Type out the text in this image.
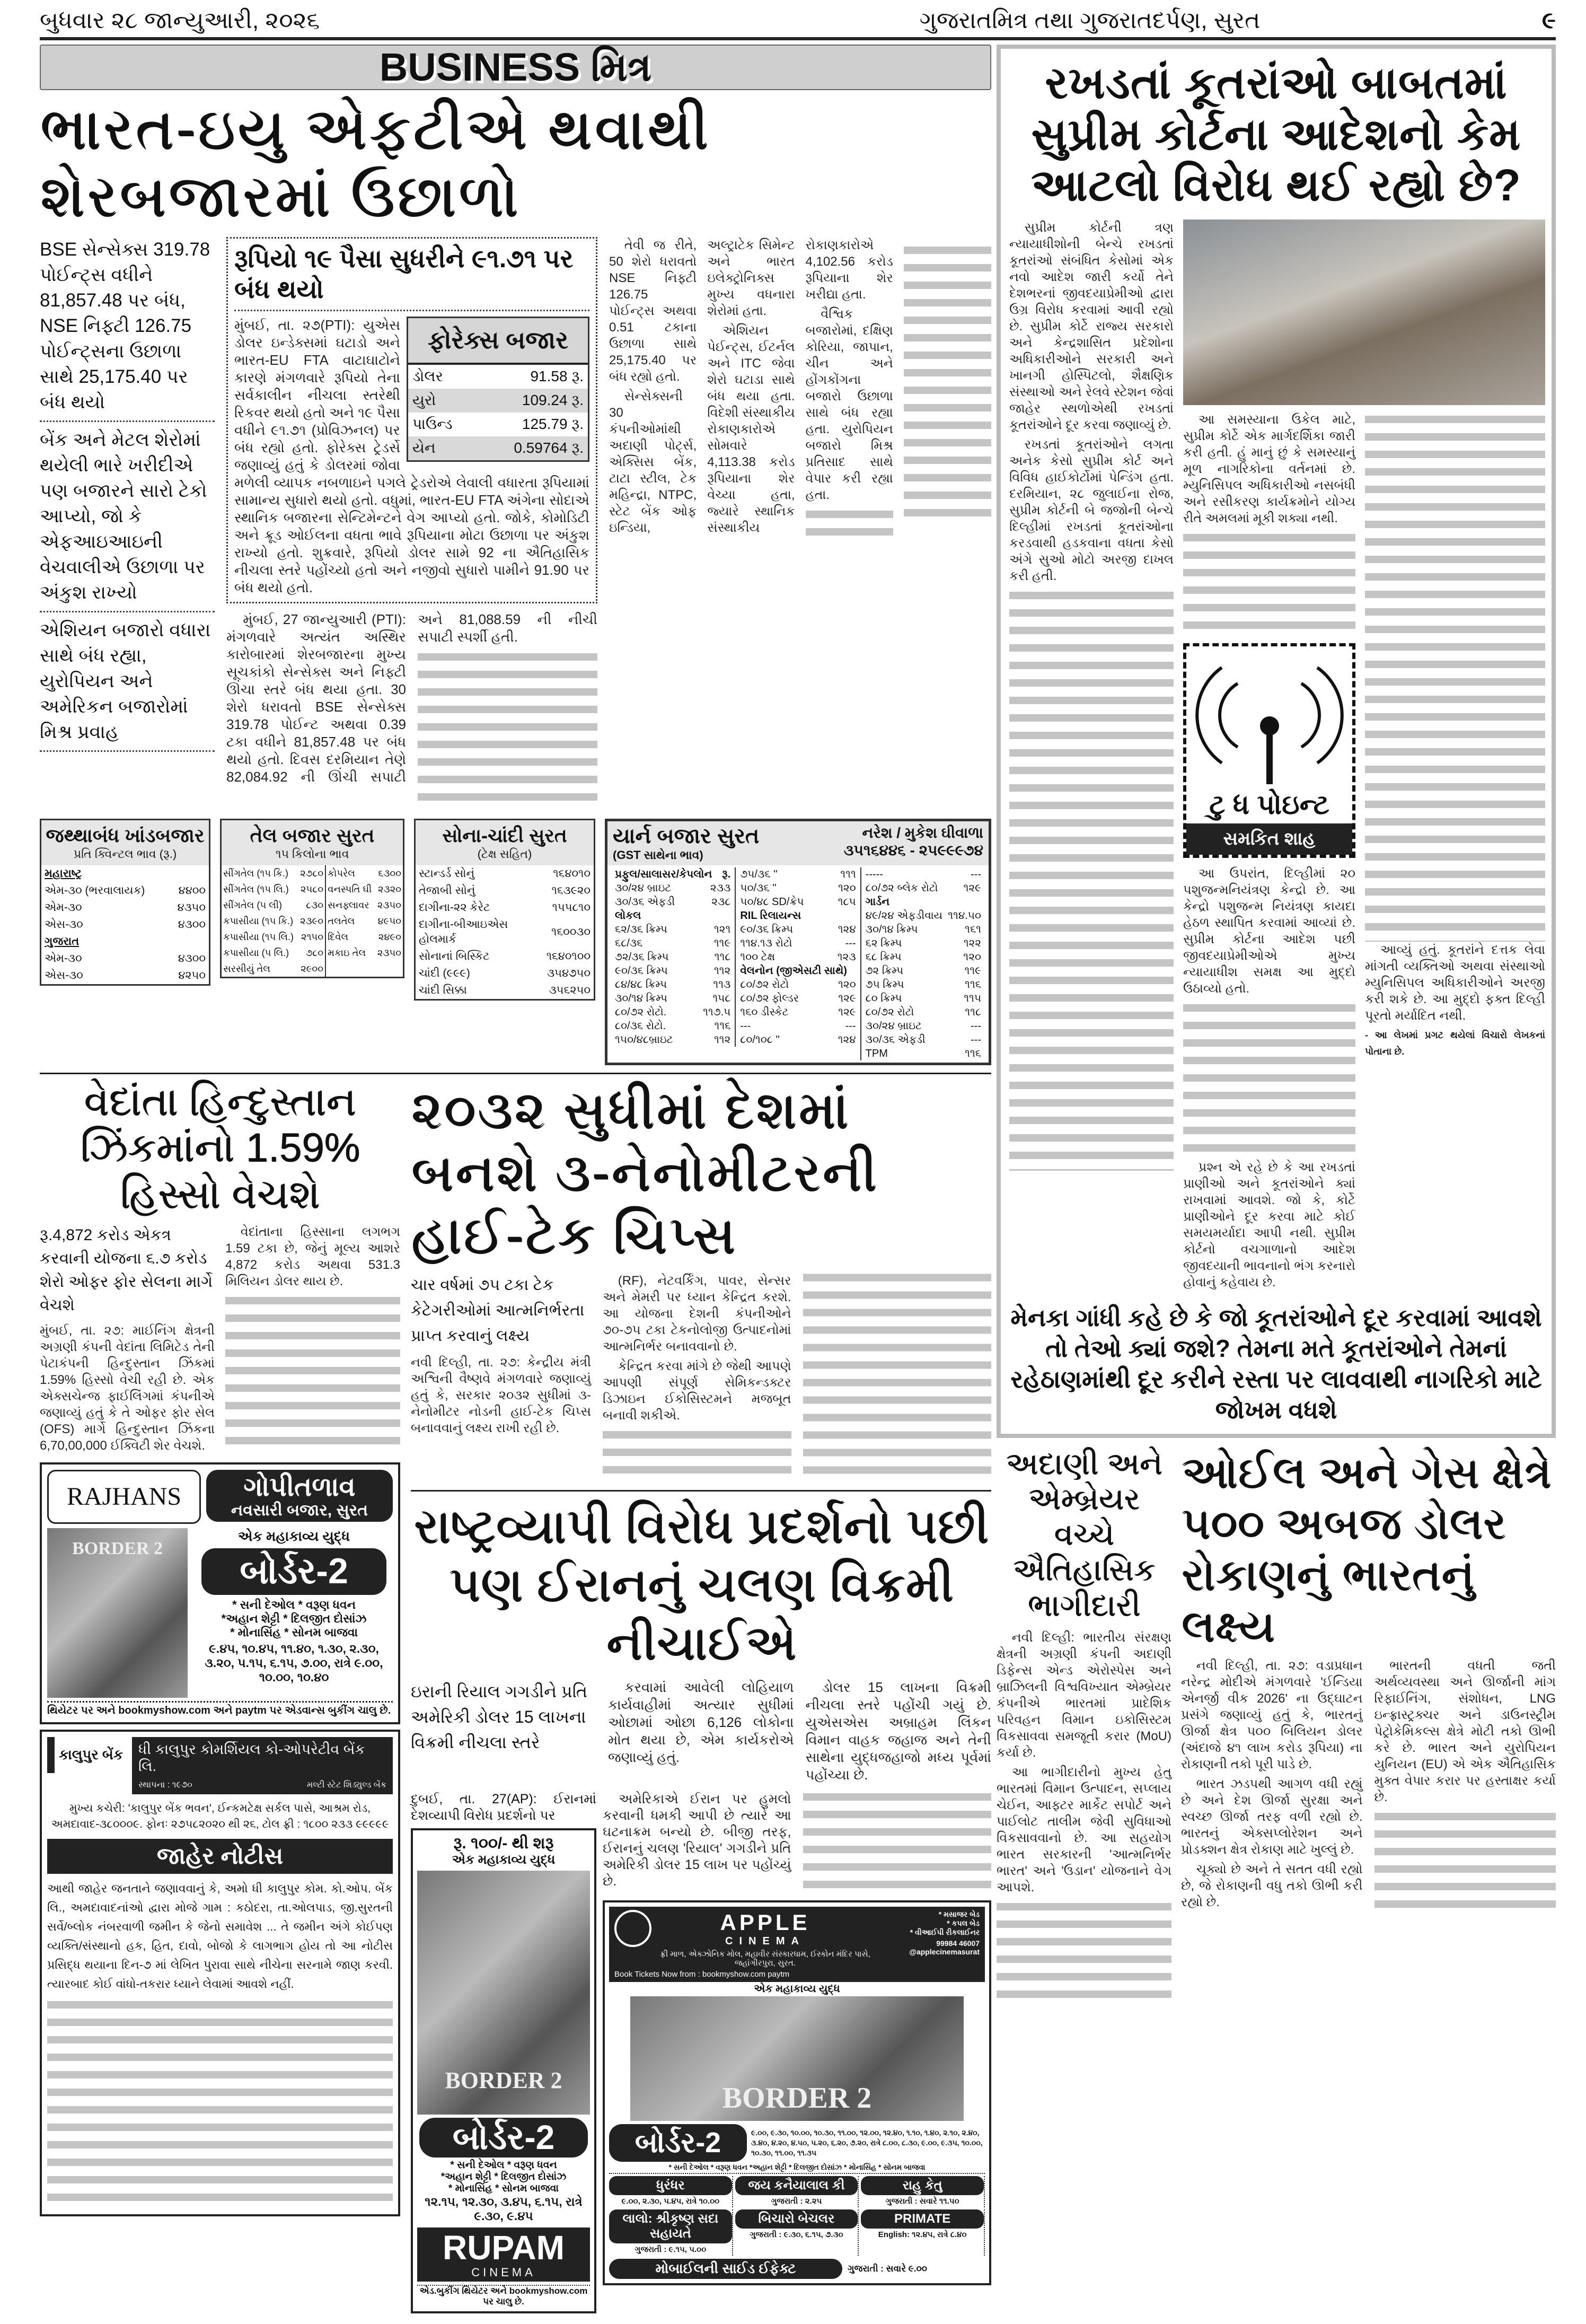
બુધવાર ૨૮ જાન્યુઆરી, ૨૦૨૬	ગુજરાતમિત્ર તથા ગુજરાતદર્પણ, સુરત	૯
BUSINESS મિત્ર
ભારત-ઇયુ એફટીએ થવાથી શેરબજારમાં ઉછાળો
BSE સેન્સેક્સ 319.78 પોઈન્ટ્સ વધીને 81,857.48 પર બંધ, NSE નિફ્ટી 126.75 પોઈન્ટ્સના ઉછાળા સાથે 25,175.40 પર બંધ થયો
બેંક અને મેટલ શેરોમાં થયેલી ભારે ખરીદીએ પણ બજારને સારો ટેકો આપ્યો, જો કે એફઆઇઆઇની વેચવાલીએ ઉછાળા પર અંકુશ રાખ્યો
એશિયન બજારો વધારા સાથે બંધ રહ્યા, યુરોપિયન અને અમેરિકન બજારોમાં મિશ્ર પ્રવાહ
રૂપિયો ૧૯ પૈસા સુધરીને ૯૧.૭૧ પર બંધ થયો
ફોરેક્સ બજાર
ડોલર	91.58 રૂ.
યુરો	109.24 રૂ.
પાઉન્ડ	125.79 રૂ.
યેન	0.59764 રૂ.
મુંબઈ, તા. ૨૭(PTI): યુએસ ડોલર ઇન્ડેક્સમાં ઘટાડો અને ભારત-EU FTA વાટાઘાટોને કારણે મંગળવારે રૂપિયો તેના સર્વકાલીન નીચલા સ્તરેથી રિકવર થયો હતો અને ૧૯ પૈસા વધીને ૯૧.૭૧ (પ્રોવિઝનલ) પર બંધ રહ્યો હતો. ફોરેક્સ ટ્રેડર્સે જણાવ્યું હતું કે ડોલરમાં જોવા મળેલી વ્યાપક નબળાઇને પગલે ટ્રેડરોએ લેવાલી વધારતા રૂપિયામાં સામાન્ય સુધારો થયો હતો. વધુમાં, ભારત-EU FTA અંગેના સોદાએ સ્થાનિક બજારના સેન્ટિમેન્ટને વેગ આપ્યો હતો. જોકે, કોમોડિટી અને ક્રૂડ ઓઈલના વધતા ભાવે રૂપિયાના મોટા ઉછાળા પર અંકુશ રાખ્યો હતો. શુક્રવારે, રૂપિયો ડોલર સામે 92 ના ઐતિહાસિક નીચલા સ્તરે પહોંચ્યો હતો અને નજીવો સુધારો પામીને 91.90 પર બંધ થયો હતો.

મુંબઈ, 27 જાન્યુઆરી (PTI): મંગળવારે અત્યંત અસ્થિર કારોબારમાં શેરબજારના મુખ્ય સૂચકાંકો સેન્સેક્સ અને નિફ્ટી ઊંચા સ્તરે બંધ થયા હતા. 30 શેરો ધરાવતો BSE સેન્સેક્સ 319.78 પોઈન્ટ અથવા 0.39 ટકા વધીને 81,857.48 પર બંધ થયો હતો. દિવસ દરમિયાન તેણે 82,084.92 ની ઊંચી સપાટી અને 81,088.59 ની નીચી સપાટી સ્પર્શી હતી.

તેવી જ રીતે, 50 શેરો ધરાવતો NSE નિફ્ટી 126.75 પોઈન્ટ્સ અથવા 0.51 ટકાના ઉછાળા સાથે 25,175.40 પર બંધ રહ્યો હતો.

સેન્સેક્સની 30 કંપનીઓમાંથી અદાણી પોર્ટ્સ, એક્સિસ બેંક, ટાટા સ્ટીલ, ટેક મહિન્દ્રા, NTPC, સ્ટેટ બેંક ઓફ ઇન્ડિયા, અલ્ટ્રાટેક સિમેન્ટ અને ભારત ઇલેક્ટ્રોનિક્સ મુખ્ય વધનારા શેરોમાં હતા.

એશિયન પેઈન્ટ્સ, ઈટર્નલ અને ITC જેવા શેરો ઘટાડા સાથે બંધ થયા હતા. વિદેશી સંસ્થાકીય રોકાણકારોએ સોમવારે 4,113.38 કરોડ રૂપિયાના શેર વેચ્યા હતા, જ્યારે સ્થાનિક સંસ્થાકીય રોકાણકારોએ 4,102.56 કરોડ રૂપિયાના શેર ખરીદ્યા હતા.

વૈશ્વિક બજારોમાં, દક્ષિણ કોરિયા, જાપાન, ચીન અને હોંગકોંગના બજારો ઉછાળા સાથે બંધ રહ્યા હતા. યુરોપિયન બજારો મિશ્ર પ્રતિસાદ સાથે વેપાર કરી રહ્યા હતા.

જથ્થાબંધ ખાંડબજાર
પ્રતિ ક્વિન્ટલ ભાવ (રૂ.)
મહારાષ્ટ્ર	
એમ-૩૦ (ભરવાલાયક)	૪૪૦૦
એમ-૩૦	૪૩૫૦
એસ-૩૦	૪૩૦૦
ગુજરાત	
એમ-૩૦	૪૩૦૦
એસ-૩૦	૪૨૫૦
તેલ બજાર સુરત
૧૫ કિલોના ભાવ
સીંગતેલ (૧૫ કિ.)	૨૭૮૦	કોપરેલ	૬૩૦૦
સીંગતેલ (૧૫ લિ.)	૨૫૮૦	વનસ્પતિ ઘી	૨૩૨૦
સીંગતેલ (૫ લી)	૮૩૦	સનફ્લાવર	૨૩૫૦
કપાસીયા (૧૫ કિ.)	૨૩૯૦	તલતેલ	૪૯૫૦
કપાસીયા (૧૫ લિ.)	૨૧૫૦	દિવેલ	૨૪૯૦
કપાસીયા (૫ લિ.)	૭૮૦	મકાઇ તેલ	૨૩૫૦
સરસીયું તેલ	૨૯૦૦		
સોના-ચાંદી સુરત
(ટેક્ષ સહિત)
સ્ટાન્ડર્ડ સોનું	૧૬૪૦૧૦
તેજાબી સોનું	૧૬૩૯૨૦
દાગીના-૨૨ કેરેટ	૧૫૫૮૧૦
દાગીના-બીઆઇએસ હોલમાર્ક	૧૬૦૦૩૦
સોનાનાં બિસ્કિટ	૧૬૪૦૧૦૦
ચાંદી (૯૯૯)	૩૫૪૭૫૦
ચાંદી સિક્કા	૩૫૬૨૫૦
યાર્ન બજાર સુરત
(GST સાથેના ભાવ)
નરેશ / મુકેશ ઘીવાળા
૩૫૧૬૪૪૬ - ૨૫૯૯૯૭૪
પ્રફુલ/સાલાસર/કેપલોન રૂ.
૩૦/૨૪ બ્રાઇટ	૨૩૩
૩૦/૩૬ એફડી	૨૩૮
લોકલ
૬૨/૩૬ ક્રિમ્પ	૧૨૧
૬૮/૩૬	૧૧૯
૭૨/૩૬ ક્રિમ્પ	૧૧૮
૯૦/૩૬ ક્રિમ્પ	૧૧૨
૮૪/૪૮ ક્રિમ્પ	૧૧૩
૩૦/૧૪ ક્રિમ્પ	૧૫૮
૮૦/૭૨ રોટો.	૧૧૭.૫
૮૦/૩૬ રોટો.	૧૧૬
૧૫૦/૪૮બ્રાઇટ	૧૧૨
૭૫/૩૬ ''	૧૧૧
૫૦/૩૬ ''	૧૨૦
૫૦/૪૮ SD/ક્રેપ	૧૮૫
RIL રિલાયન્સ
૯૦/૩૬ ક્રિમ્પ	૧૨૪
૧૧૪.૧૩ રોટો	---
૧૦૦ ટેક્ષ	૧૨૩
વેલનોન (જીએસટી સાથે)
૮૦/૭૨ રોટો	૧૨૦
૮૦/૭૨ ફોલ્ડર	૧૨૯
૧૬૦ ડીસ્કેટ	૧૨૯
---	---
૮૦/૧૦૮ ''	૧૨૪
-----	---
૮૦/૭૨ બ્લેક રોટો ૧૨૯
ગાર્ડન
૪૯/૨૪ એફડીવાય ૧૧૪.૫૦
૩૦/૧૪ ક્રિમ્પ	૧૬૧
૬૨ ક્રિમ્પ	૧૨૨
૬૮ ક્રિમ્પ	૧૨૦
૭૨ ક્રિમ્પ	૧૧૯
૭૫ ક્રિમ્પ	૧૧૬
૮૦ ક્રિમ્પ	૧૧૫
૮૦/૭૨ રોટો	૧૧૮
૩૦/૨૪ બ્રાઇટ	---
૩૦/૩૬ એફડી	---
TPM	૧૧૬
વેદાંતા હિન્દુસ્તાન ઝિંકમાંનો 1.59% હિસ્સો વેચશે
રૂ.4,872 કરોડ એકત્ર કરવાની યોજના ૬.૭ કરોડ શેરો ઓફર ફોર સેલના માર્ગે વેચશે
મુંબઈ, તા. ૨૭: માઈનિંગ ક્ષેત્રની અગ્રણી કંપની વેદાંતા લિમિટેડ તેની પેટાકંપની હિન્દુસ્તાન ઝિંકમાં 1.59% હિસ્સો વેચી રહી છે. એક એક્સચેન્જ ફાઈલિંગમાં કંપનીએ જણાવ્યું હતું કે તે ઓફર ફોર સેલ (OFS) માર્ગે હિન્દુસ્તાન ઝિંકના 6,70,00,000 ઈક્વિટી શેર વેચશે.

વેદાંતાના હિસ્સાના લગભગ 1.59 ટકા છે, જેનું મૂલ્ય આશરે 4,872 કરોડ અથવા 531.3 મિલિયન ડોલર થાય છે.

RAJHANS	ગોપીતળાવ
નવસારી બજાર, સુરત
BORDER 2
એક મહાકાવ્ય યુદ્ધ
બોર્ડર-2
* સની દેઓલ * વરૂણ ધવન
*અહાન શેટ્ટી * દિલજીત દોસાંઝ
* મોનાસિંહ * સોનમ બાજવા
૯.૪૫, ૧૦.૪૫, ૧૧.૪૦, ૧.૩૦, ૨.૩૦, ૩.૨૦, ૫.૧૫, ૬.૧૫, ૭.૦૦, રાત્રે ૯.૦૦, ૧૦.૦૦, ૧૦.૪૦
થિયેટર પર અને bookmyshow.com અને paytm પર એડવાન્સ બુકીંગ ચાલુ છે.
કાલુપુર બેંક	ધી કાલુપુર કોમર્શિયલ કો-ઓપરેટીવ બેંક લિ.
સ્થાપના : ૧૯૭૦	મલ્ટી સ્ટેટ શિડ્યુલ્ડ બેંક
મુખ્ય કચેરી: 'કાલુપુર બેંક ભવન', ઈન્કમટેક્ષ સર્કલ પાસે, આશ્રમ રોડ, અમદાવાદ-૩૮૦૦૦૯. ફોનઃ ૨૭૫૮૨૦૨૦ થી ૨૬, ટોલ ફ્રી : ૧૮૦૦ ૨૩૩ ૯૯૯૯૯
જાહેર નોટીસ
આથી જાહેર જનતાને જણાવવાનું કે, અમો ધી કાલુપુર કોમ. કો.ઓપ. બેંક લિ., અમદાવાદનાંઓ દ્વારા મોજે ગામ : કઠોદરા, તા.ઓલપાડ, જી.સુરતની સર્વે/બ્લોક નંબરવાળી જમીન કે જેનો સમાવેશ ... તે જમીન અંગે કોઈપણ વ્યક્તિ/સંસ્થાનો હક, હિત, દાવો, બોજો કે લાગભાગ હોય તો આ નોટીસ પ્રસિદ્ધ થયાના દિન-૭ માં લેખિત પુરાવા સાથે નીચેના સરનામે જાણ કરવી. ત્યારબાદ કોઈ વાંધો-તકરાર ધ્યાને લેવામાં આવશે નહીં.
૨૦૩૨ સુધીમાં દેશમાં બનશે ૩-નેનોમીટરની હાઈ-ટેક ચિપ્સ
ચાર વર્ષમાં ૭૫ ટકા ટેક કેટેગરીઓમાં આત્મનિર્ભરતા પ્રાપ્ત કરવાનું લક્ષ્ય
નવી દિલ્હી, તા. ૨૭: કેન્દ્રીય મંત્રી અશ્વિની વૈષ્ણવે મંગળવારે જણાવ્યું હતું કે, સરકાર ૨૦૩૨ સુધીમાં ૩-નેનોમીટર નોડની હાઈ-ટેક ચિપ્સ બનાવવાનું લક્ષ્ય રાખી રહી છે.

(RF), નેટવર્કિંગ, પાવર, સેન્સર અને મેમરી પર ધ્યાન કેન્દ્રિત કરશે. આ યોજના દેશની કંપનીઓને ૭૦-૭૫ ટકા ટેકનોલોજી ઉત્પાદનોમાં આત્મનિર્ભર બનાવવાનો છે.

કેન્દ્રિત કરવા માંગે છે જેથી આપણે આપણી સંપૂર્ણ સેમિકન્ડક્ટર ડિઝાઇન ઈકોસિસ્ટમને મજબૂત બનાવી શકીએ.

રાષ્ટ્રવ્યાપી વિરોધ પ્રદર્શનો પછી પણ ઈરાનનું ચલણ વિક્રમી નીચાઈએ
ઇરાની રિયાલ ગગડીને પ્રતિ અમેરિકી ડોલર 15 લાખના વિક્રમી નીચલા સ્તરે

કરવામાં આવેલી લોહિયાળ કાર્યવાહીમાં અત્યાર સુધીમાં ઓછામાં ઓછા 6,126 લોકોના મોત થયા છે, એમ કાર્યકરોએ જણાવ્યું હતું.

ડોલર 15 લાખના વિક્રમી નીચલા સ્તરે પહોંચી ગયું છે. યુએસએસ અબ્રાહમ લિંકન વિમાન વાહક જહાજ અને તેની સાથેના યુદ્ધજહાજો મધ્ય પૂર્વમાં પહોંચ્યા છે.

દુબઈ, તા. 27(AP): ઈરાનમાં દેશવ્યાપી વિરોધ પ્રદર્શનો પર
રૂ. ૧૦૦/- થી શરૂ
એક મહાકાવ્ય યુદ્ધ
BORDER 2
બોર્ડર-2
* સની દેઓલ * વરૂણ ધવન
*અહાન શેટ્ટી * દિલજીત દોસાંઝ
* મોનાસિંહ * સોનમ બાજવા
૧૨.૧૫, ૧૨.૩૦, ૩.૪૫, ૬.૧૫, રાત્રે ૯.૩૦, ૯.૪૫
RUPAM
CINEMA
એડ.બુકીંગ થિયેટર અને bookmyshow.com પર ચાલુ છે.

અમેરિકાએ ઈરાન પર હુમલો કરવાની ધમકી આપી છે ત્યારે આ ઘટનાક્રમ બન્યો છે. બીજી તરફ, ઈરાનનું ચલણ 'રિયાલ' ગગડીને પ્રતિ અમેરિકી ડોલર 15 લાખ પર પહોંચ્યું છે.

APPLE
CINEMA
ફ્રી માળ, એક્ઝોનિક મોલ, મહાવીર સંસ્કારધામ, ઈસ્કોન મંદિર પાસે, જહાંગીરપુરા, સુરત.
* મસાજર બેડ
* કપલ બેડ
* વીઆઈપી રીકલાઈનર
99984 46007
@applecinemasurat
Book Tickets Now from : bookmyshow.com paytm
એક મહાકાવ્ય યુદ્ધ
BORDER 2
બોર્ડર-2	૯.૦૦, ૯.૩૦, ૧૦.૦૦, ૧૦.૩૦, ૧૧.૦૦, ૧૨.૦૦, ૧૨.૪૦, ૧.૧૦, ૧.૪૦, ૨.૧૦, ૨.૪૦, ૩.૪૦, ૪.૨૦, ૪.૫૦, ૫.૨૦, ૬.૨૦, ૭.૨૦, રાત્રે ૮.૦૦, ૮.૩૦, ૯.૦૦, ૯.૩૫, ૧૦.૦૦, ૧૦.૩૦, ૧૧.૦૦, ૧૧.૩૫
* સની દેઓલ * વરૂણ ધવન *અહાન શેટ્ટી * દિલજીત દોસાંઝ * મોનાસિંહ * સોનમ બાજવા
ધુરંધર
૯.૦૦, ૨.૩૦, ૫.૪૫, રાત્રે ૧૦.૦૦
જય કનૈયાલાલ કી
ગુજરાતી : ૨.૨૫
રાહુ કેતુ
ગુજરાતી : સવારે ૧૧.૫૦
લાલો: શ્રીકૃષ્ણ સદા સહાયતે
ગુજરાતી : ૯.૧૫, ૫.૦૦
બિચારો બેચલર
ગુજરાતી : ૯.૩૦, ૬.૧૫, ૭.૩૦
PRIMATE
English: ૧૨.૪૫, રાત્રે ૮.૪૦
મોબાઈલની સાઈડ ઈફેક્ટ	ગુજરાતી : સવારે ૯.૦૦
રખડતાં કૂતરાંઓ બાબતમાં સુપ્રીમ કોર્ટના આદેશનો કેમ આટલો વિરોધ થઈ રહ્યો છે?

સુપ્રીમ કોર્ટની ત્રણ ન્યાયાધીશોની બેન્ચે રખડતાં કૂતરાંઓ સંબંધિત કેસોમાં એક નવો આદેશ જારી કર્યો તેને દેશભરનાં જીવદયાપ્રેમીઓ દ્વારા ઉગ્ર વિરોધ કરવામાં આવી રહ્યો છે. સુપ્રીમ કોર્ટે રાજ્ય સરકારો અને કેન્દ્રશાસિત પ્રદેશોના અધિકારીઓને સરકારી અને ખાનગી હોસ્પિટલો, શૈક્ષણિક સંસ્થાઓ અને રેલવે સ્ટેશન જેવાં જાહેર સ્થળોએથી રખડતાં કૂતરાંઓને દૂર કરવા જણાવ્યું છે.

રખડતાં કૂતરાંઓને લગતા અનેક કેસો સુપ્રીમ કોર્ટ અને વિવિધ હાઈકોર્ટોમાં પેન્ડિંગ હતા. દરમિયાન, ૨૮ જુલાઈના રોજ, સુપ્રીમ કોર્ટની બે જજોની બેન્ચે દિલ્હીમાં રખડતાં કૂતરાંઓના કરડવાથી હડકવાના વધતા કેસો અંગે સુઓ મોટો અરજી દાખલ કરી હતી.

આ સમસ્યાના ઉકેલ માટે, સુપ્રીમ કોર્ટે એક માર્ગદર્શિકા જારી કરી હતી. હું માનું છું કે સમસ્યાનું મૂળ નાગરિકોના વર્તનમાં છે. મ્યુનિસિપલ અધિકારીઓ નસબંધી અને રસીકરણ કાર્યક્રમોને યોગ્ય રીતે અમલમાં મૂકી શક્યા નથી.

ટુ ધ પોઇન્ટ
સમકિત શાહ

આ ઉપરાંત, દિલ્હીમાં ૨૦ પશુજન્મનિયંત્રણ કેન્દ્રો છે. આ કેન્દ્રો પશુજન્મ નિયંત્રણ કાયદા હેઠળ સ્થાપિત કરવામાં આવ્યાં છે. સુપ્રીમ કોર્ટના આદેશ પછી જીવદયાપ્રેમીઓએ મુખ્ય ન્યાયાધીશ સમક્ષ આ મુદ્દો ઉઠાવ્યો હતો.

પ્રશ્ન એ રહે છે કે આ રખડતાં પ્રાણીઓ અને કૂતરાંઓને ક્યાં રાખવામાં આવશે. જો કે, કોર્ટે પ્રાણીઓને દૂર કરવા માટે કોઈ સમયમર્યાદા આપી નથી. સુપ્રીમ કોર્ટનો વચગાળાનો આદેશ જીવદયાની ભાવનાનો ભંગ કરનારો હોવાનું કહેવાય છે.

આવ્યું હતું. કૂતરાંને દત્તક લેવા માંગતી વ્યક્તિઓ અથવા સંસ્થાઓ મ્યુનિસિપલ અધિકારીઓને અરજી કરી શકે છે. આ મુદ્દો ફક્ત દિલ્હી પૂરતો મર્યાદિત નથી.

- આ લેખમાં પ્રગટ થયેલાં વિચારો લેખકનાં પોતાના છે.
મેનકા ગાંધી કહે છે કે જો કૂતરાંઓને દૂર કરવામાં આવશે તો તેઓ ક્યાં જશે? તેમના મતે કૂતરાંઓને તેમનાં રહેઠાણમાંથી દૂર કરીને રસ્તા પર લાવવાથી નાગરિકો માટે જોખમ વધશે
અદાણી અને એમ્બ્રેયર વચ્ચે ઐતિહાસિક ભાગીદારી

નવી દિલ્હી: ભારતીય સંરક્ષણ ક્ષેત્રની અગ્રણી કંપની અદાણી ડિફેન્સ એન્ડ એરોસ્પેસ અને બ્રાઝિલની વિશ્વવિખ્યાત એમ્બ્રેયર કંપનીએ ભારતમાં પ્રાદેશિક પરિવહન વિમાન ઇકોસિસ્ટમ વિકસાવવા સમજૂતી કરાર (MoU) કર્યા છે.

આ ભાગીદારીનો મુખ્ય હેતુ ભારતમાં વિમાન ઉત્પાદન, સપ્લાય ચેઈન, આફ્ટર માર્કેટ સપોર્ટ અને પાઈલોટ તાલીમ જેવી સુવિધાઓ વિકસાવવાનો છે. આ સહયોગ ભારત સરકારની 'આત્મનિર્ભર ભારત' અને 'ઉડાન' યોજનાને વેગ આપશે.

ઓઈલ અને ગેસ ક્ષેત્રે ૫૦૦ અબજ ડોલર રોકાણનું ભારતનું લક્ષ્ય

નવી દિલ્હી, તા. ૨૭: વડાપ્રધાન નરેન્દ્ર મોદીએ મંગળવારે 'ઈન્ડિયા એનર્જી વીક 2026' ના ઉદ્ઘાટન પ્રસંગે જણાવ્યું હતું કે, ભારતનું ઊર્જા ક્ષેત્ર ૫૦૦ બિલિયન ડોલર (અંદાજે ૪૧ લાખ કરોડ રૂપિયા) ના રોકાણની તકો પૂરી પાડે છે.

ભારત ઝડપથી આગળ વધી રહ્યું છે અને દેશ ઊર્જા સુરક્ષા અને સ્વચ્છ ઊર્જા તરફ વળી રહ્યો છે. ભારતનું એક્સપ્લોરેશન અને પ્રોડક્શન ક્ષેત્ર રોકાણ માટે ખુલ્લું છે.

ચૂક્યો છે અને તે સતત વધી રહ્યો છે, જે રોકાણની વધુ તકો ઊભી કરી રહ્યો છે.

ભારતની વધતી જતી અર્થવ્યવસ્થા અને ઊર્જાની માંગ રિફાઈનિંગ, સંશોધન, LNG ઇન્ફ્રાસ્ટ્રક્ચર અને ડાઉનસ્ટ્રીમ પેટ્રોકેમિકલ્સ ક્ષેત્રે મોટી તકો ઊભી કરે છે. ભારત અને યુરોપિયન યુનિયન (EU) એ એક ઐતિહાસિક મુક્ત વેપાર કરાર પર હસ્તાક્ષર કર્યા છે.
